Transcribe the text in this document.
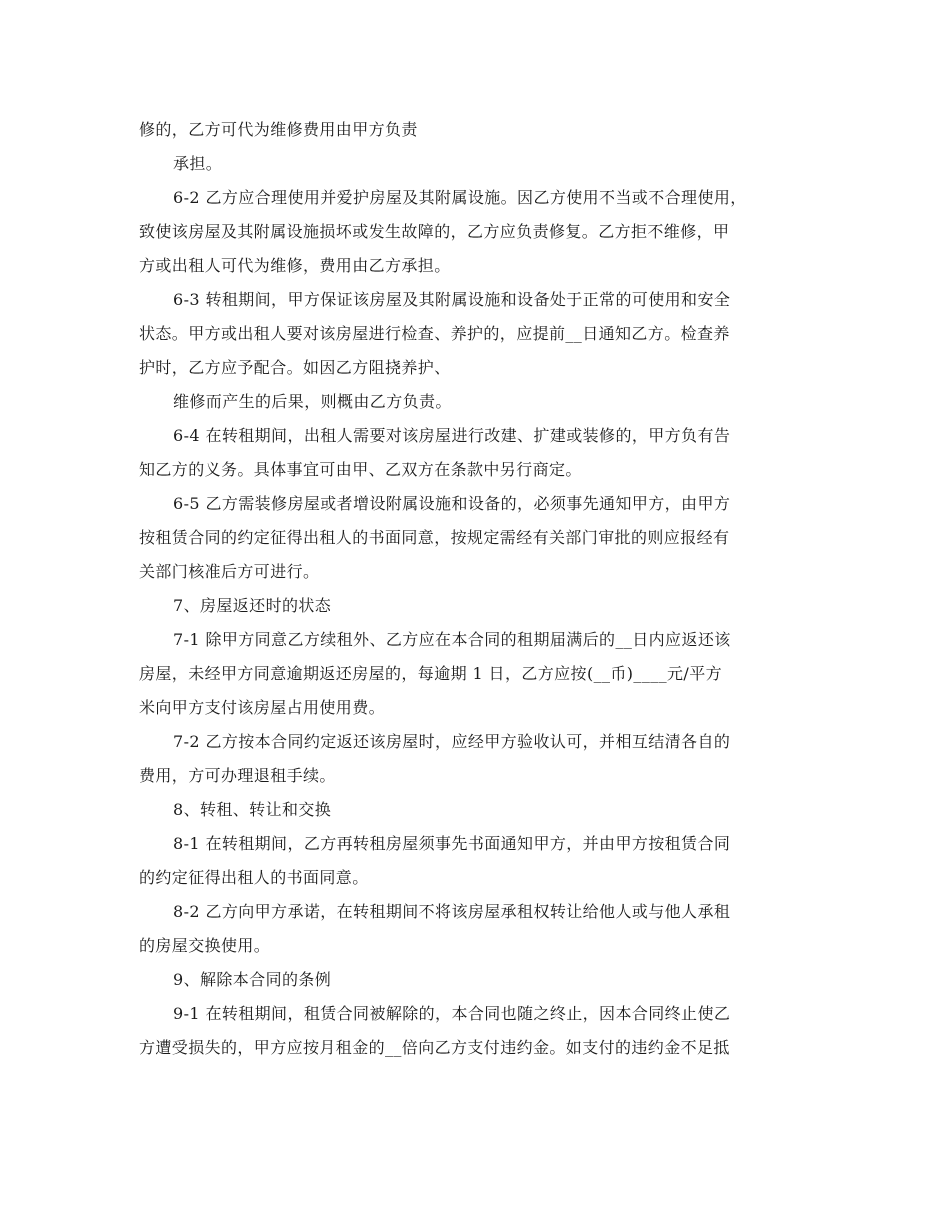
修的，乙方可代为维修费用由甲方负责
承担。
6-2 乙方应合理使用并爱护房屋及其附属设施。因乙方使用不当或不合理使用，
致使该房屋及其附属设施损坏或发生故障的，乙方应负责修复。乙方拒不维修，甲
方或出租人可代为维修，费用由乙方承担。
6-3 转租期间，甲方保证该房屋及其附属设施和设备处于正常的可使用和安全
状态。甲方或出租人要对该房屋进行检查、养护的，应提前__日通知乙方。检查养
护时，乙方应予配合。如因乙方阻挠养护、
维修而产生的后果，则概由乙方负责。
6-4 在转租期间，出租人需要对该房屋进行改建、扩建或装修的，甲方负有告
知乙方的义务。具体事宜可由甲、乙双方在条款中另行商定。
6-5 乙方需装修房屋或者增设附属设施和设备的，必须事先通知甲方，由甲方
按租赁合同的约定征得出租人的书面同意，按规定需经有关部门审批的则应报经有
关部门核准后方可进行。
7、房屋返还时的状态
7-1 除甲方同意乙方续租外、乙方应在本合同的租期届满后的__日内应返还该
房屋，未经甲方同意逾期返还房屋的，每逾期 1 日，乙方应按(__币)____元/平方
米向甲方支付该房屋占用使用费。
7-2 乙方按本合同约定返还该房屋时，应经甲方验收认可，并相互结清各自的
费用，方可办理退租手续。
8、转租、转让和交换
8-1 在转租期间，乙方再转租房屋须事先书面通知甲方，并由甲方按租赁合同
的约定征得出租人的书面同意。
8-2 乙方向甲方承诺，在转租期间不将该房屋承租权转让给他人或与他人承租
的房屋交换使用。
9、解除本合同的条例
9-1 在转租期间，租赁合同被解除的，本合同也随之终止，因本合同终止使乙
方遭受损失的，甲方应按月租金的__倍向乙方支付违约金。如支付的违约金不足抵
